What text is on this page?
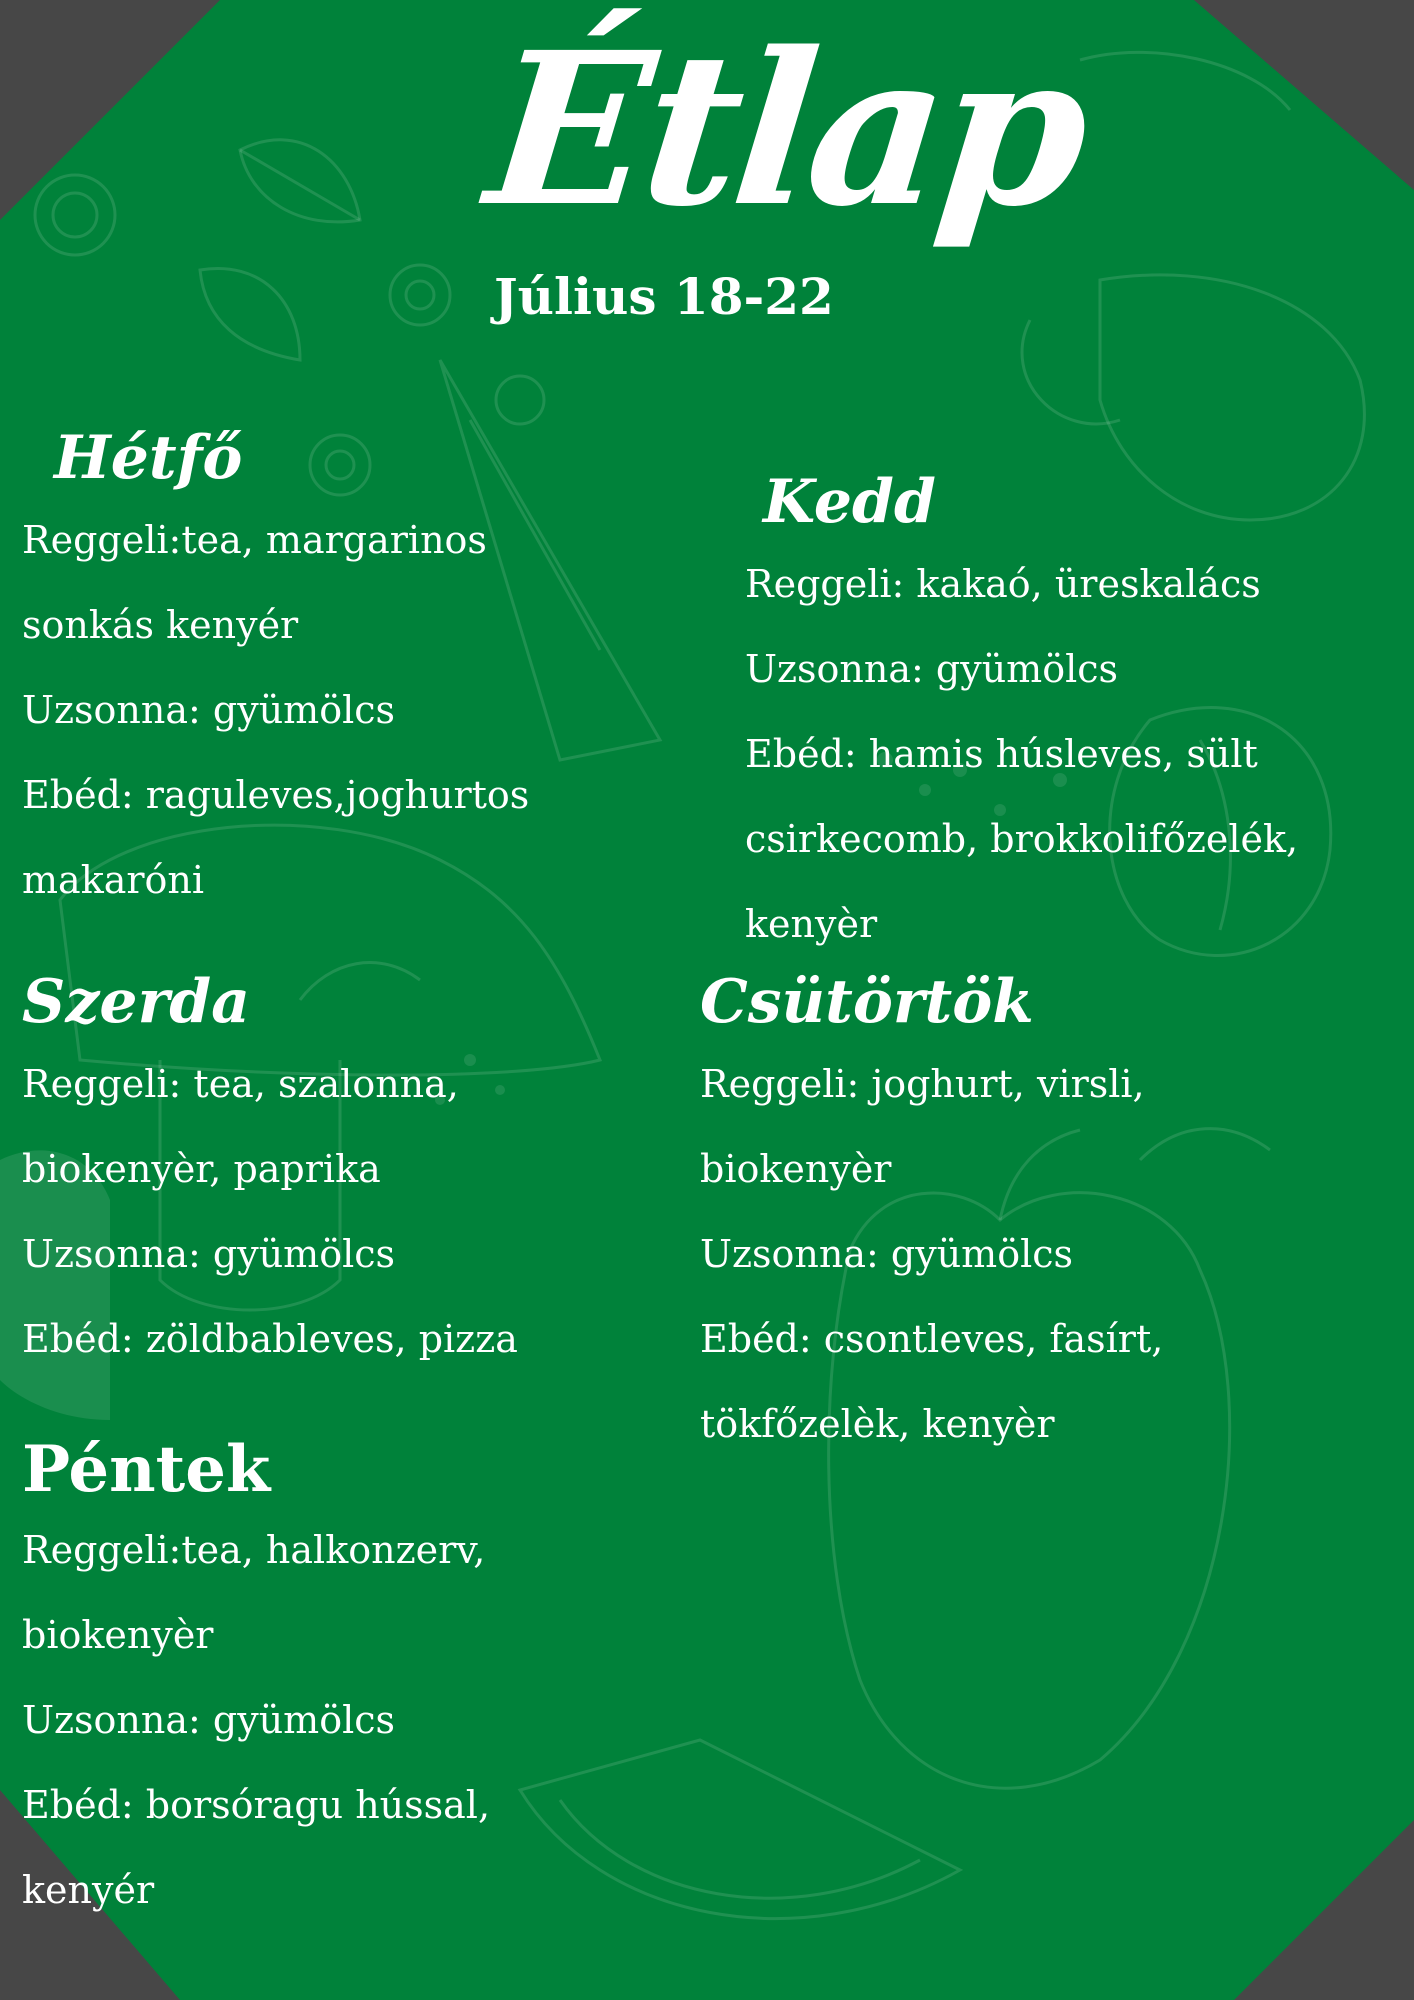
Étlap
Július 18-22
Hétfő
Reggeli:tea, margarinos
sonkás kenyér
Uzsonna: gyümölcs
Ebéd: raguleves,joghurtos
makaróni
Kedd
Reggeli: kakaó, üreskalács
Uzsonna: gyümölcs
Ebéd: hamis húsleves, sült
csirkecomb, brokkolifőzelék,
kenyèr
Szerda
Reggeli: tea, szalonna,
biokenyèr, paprika
Uzsonna: gyümölcs
Ebéd: zöldbableves, pizza
Csütörtök
Reggeli: joghurt, virsli,
biokenyèr
Uzsonna: gyümölcs
Ebéd: csontleves, fasírt,
tökfőzelèk, kenyèr
Péntek
Reggeli:tea, halkonzerv,
biokenyèr
Uzsonna: gyümölcs
Ebéd: borsóragu hússal,
kenyér
